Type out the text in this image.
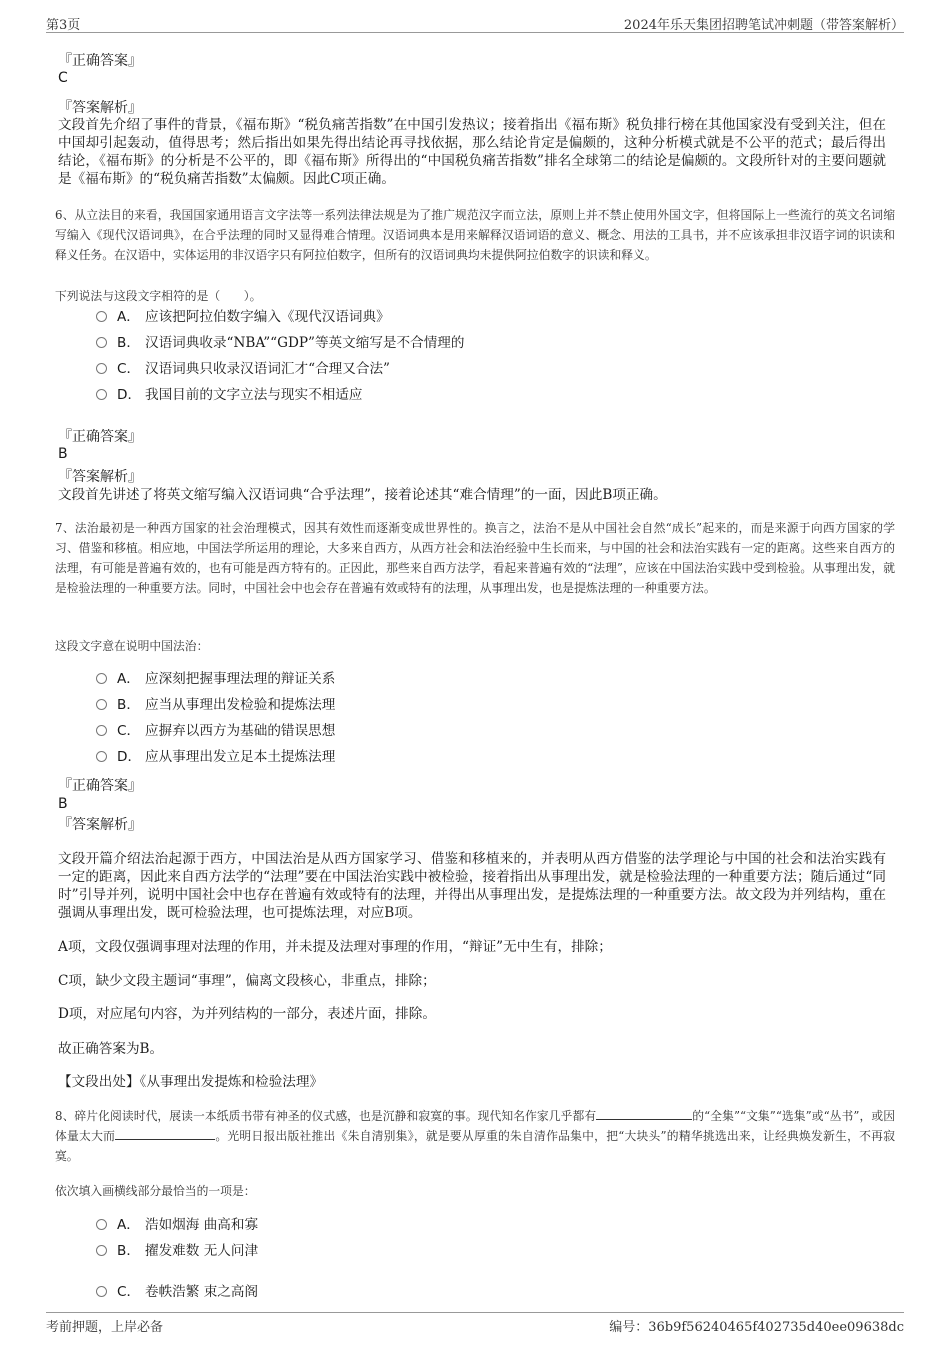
第3页	2024年乐天集团招聘笔试冲刺题（带答案解析）
『正确答案』
C
『答案解析』
文段首先介绍了事件的背景，《福布斯》“税负痛苦指数”在中国引发热议；接着指出《福布斯》税负排行榜在其他国家没有受到关注，但在中国却引起轰动，值得思考；然后指出如果先得出结论再寻找依据，那么结论肯定是偏颇的，这种分析模式就是不公平的范式；最后得出结论，《福布斯》的分析是不公平的，即《福布斯》所得出的“中国税负痛苦指数”排名全球第二的结论是偏颇的。文段所针对的主要问题就是《福布斯》的“税负痛苦指数”太偏颇。因此C项正确。
6、从立法目的来看，我国国家通用语言文字法等一系列法律法规是为了推广规范汉字而立法，原则上并不禁止使用外国文字，但将国际上一些流行的英文名词缩写编入《现代汉语词典》，在合乎法理的同时又显得难合情理。汉语词典本是用来解释汉语词语的意义、概念、用法的工具书，并不应该承担非汉语字词的识读和释义任务。在汉语中，实体运用的非汉语字只有阿拉伯数字，但所有的汉语词典均未提供阿拉伯数字的识读和释义。
下列说法与这段文字相符的是（　　）。
A． 应该把阿拉伯数字编入《现代汉语词典》
B． 汉语词典收录“NBA”“GDP”等英文缩写是不合情理的
C． 汉语词典只收录汉语词汇才“合理又合法”
D． 我国目前的文字立法与现实不相适应
『正确答案』
B
『答案解析』
文段首先讲述了将英文缩写编入汉语词典“合乎法理”，接着论述其“难合情理”的一面，因此B项正确。
7、法治最初是一种西方国家的社会治理模式，因其有效性而逐渐变成世界性的。换言之，法治不是从中国社会自然“成长”起来的，而是来源于向西方国家的学习、借鉴和移植。相应地，中国法学所运用的理论，大多来自西方，从西方社会和法治经验中生长而来，与中国的社会和法治实践有一定的距离。这些来自西方的法理，有可能是普遍有效的，也有可能是西方特有的。正因此，那些来自西方法学，看起来普遍有效的“法理”，应该在中国法治实践中受到检验。从事理出发，就是检验法理的一种重要方法。同时，中国社会中也会存在普遍有效或特有的法理，从事理出发，也是提炼法理的一种重要方法。
这段文字意在说明中国法治：
A． 应深刻把握事理法理的辩证关系
B． 应当从事理出发检验和提炼法理
C． 应摒弃以西方为基础的错误思想
D． 应从事理出发立足本土提炼法理
『正确答案』
B
『答案解析』
文段开篇介绍法治起源于西方，中国法治是从西方国家学习、借鉴和移植来的，并表明从西方借鉴的法学理论与中国的社会和法治实践有一定的距离，因此来自西方法学的“法理”要在中国法治实践中被检验，接着指出从事理出发，就是检验法理的一种重要方法；随后通过“同时”引导并列，说明中国社会中也存在普遍有效或特有的法理，并得出从事理出发，是提炼法理的一种重要方法。故文段为并列结构，重在强调从事理出发，既可检验法理，也可提炼法理，对应B项。
A项，文段仅强调事理对法理的作用，并未提及法理对事理的作用，“辩证”无中生有，排除；
C项，缺少文段主题词“事理”，偏离文段核心，非重点，排除；
D项，对应尾句内容，为并列结构的一部分，表述片面，排除。
故正确答案为B。
【文段出处】《从事理出发提炼和检验法理》
8、碎片化阅读时代，展读一本纸质书带有神圣的仪式感，也是沉静和寂寞的事。现代知名作家几乎都有	的“全集”“文集”“选集”或“丛书”，或因体量太大而	。光明日报出版社推出《朱自清别集》，就是要从厚重的朱自清作品集中，把“大块头”的精华挑选出来，让经典焕发新生，不再寂寞。
依次填入画横线部分最恰当的一项是：
A． 浩如烟海 曲高和寡
B． 擢发难数 无人问津
C． 卷帙浩繁 束之高阁
考前押题，上岸必备	编号：36b9f56240465f402735d40ee09638dc
